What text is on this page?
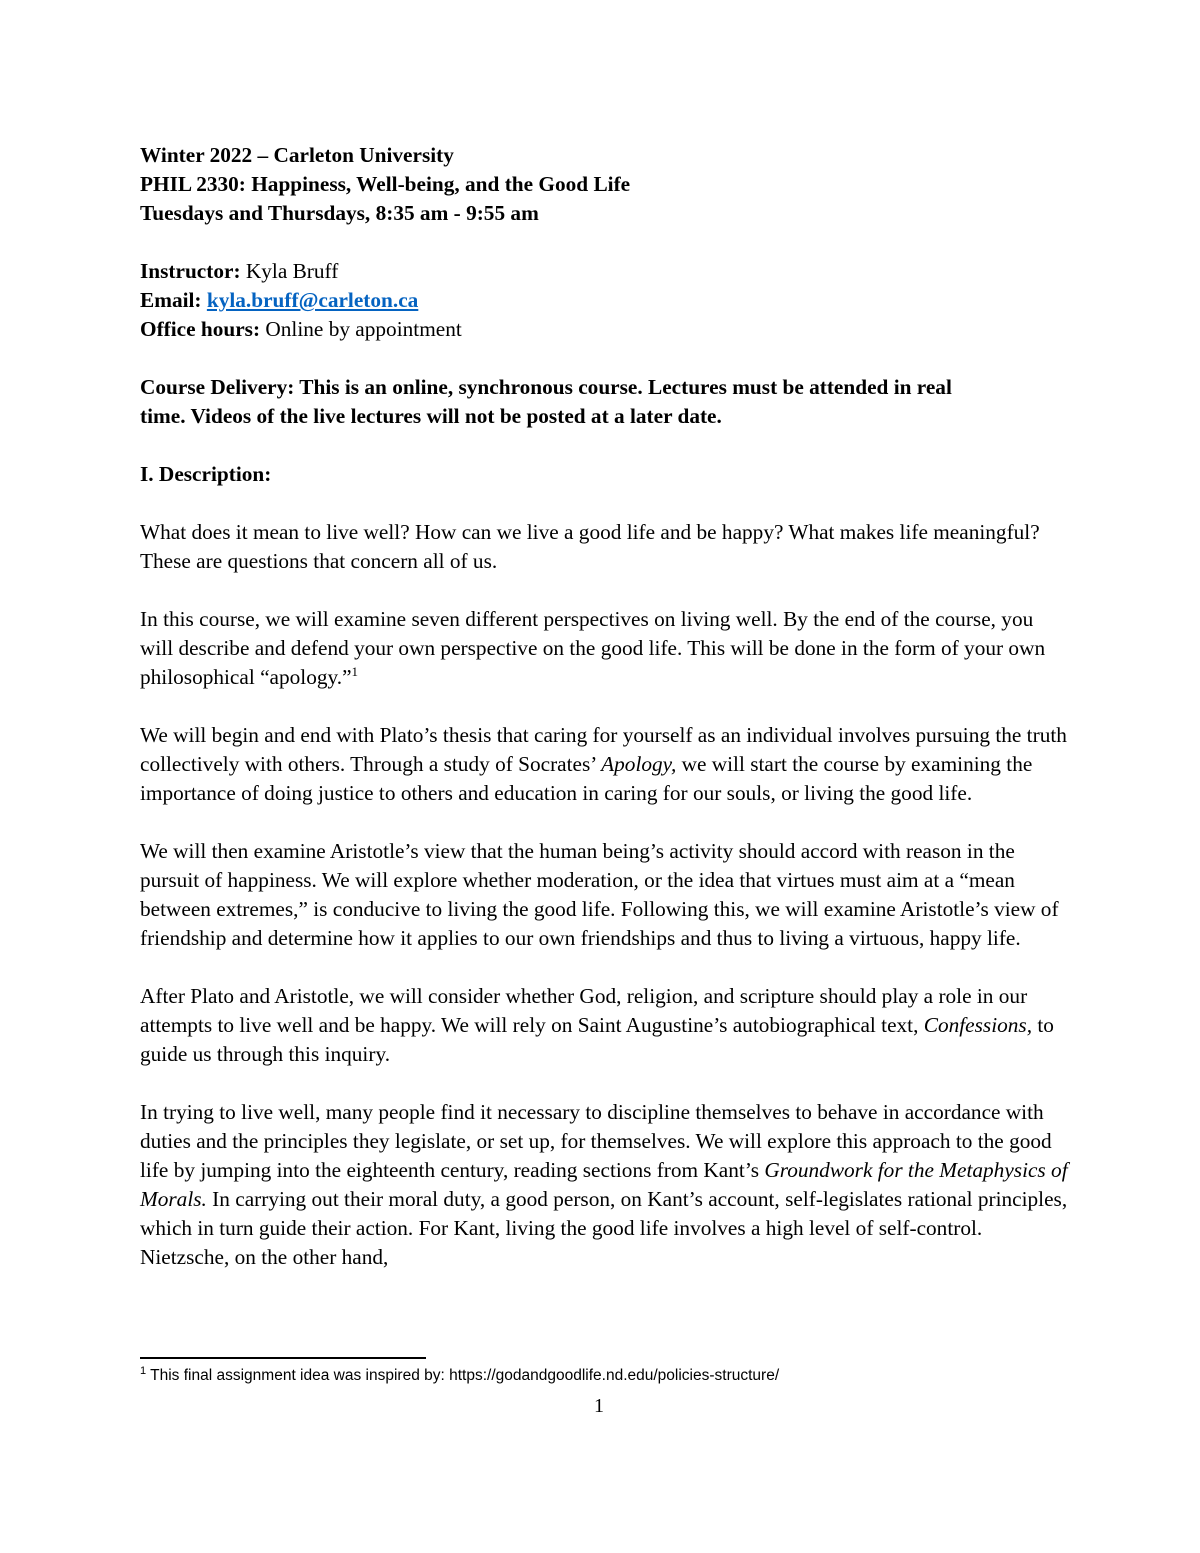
Winter 2022 – Carleton University
PHIL 2330: Happiness, Well-being, and the Good Life
Tuesdays and Thursdays, 8:35 am - 9:55 am
Instructor: Kyla Bruff
Email: kyla.bruff@carleton.ca
Office hours: Online by appointment
Course Delivery: This is an online, synchronous course. Lectures must be attended in real
time. Videos of the live lectures will not be posted at a later date.
I. Description:

What does it mean to live well? How can we live a good life and be happy? What makes life meaningful? These are questions that concern all of us.

In this course, we will examine seven different perspectives on living well. By the end of the course, you will describe and defend your own perspective on the good life. This will be done in the form of your own philosophical “apology.”$^1$

We will begin and end with Plato’s thesis that caring for yourself as an individual involves pursuing the truth collectively with others. Through a study of Socrates’ Apology, we will start the course by examining the importance of doing justice to others and education in caring for our souls, or living the good life.

We will then examine Aristotle’s view that the human being’s activity should accord with reason in the pursuit of happiness. We will explore whether moderation, or the idea that virtues must aim at a “mean between extremes,” is conducive to living the good life. Following this, we will examine Aristotle’s view of friendship and determine how it applies to our own friendships and thus to living a virtuous, happy life.

After Plato and Aristotle, we will consider whether God, religion, and scripture should play a role in our attempts to live well and be happy. We will rely on Saint Augustine’s autobiographical text, Confessions, to guide us through this inquiry.

In trying to live well, many people find it necessary to discipline themselves to behave in accordance with duties and the principles they legislate, or set up, for themselves. We will explore this approach to the good life by jumping into the eighteenth century, reading sections from Kant’s Groundwork for the Metaphysics of Morals. In carrying out their moral duty, a good person, on Kant’s account, self-legislates rational principles, which in turn guide their action. For Kant, living the good life involves a high level of self-control. Nietzsche, on the other hand,

$^1$ This final assignment idea was inspired by: https://godandgoodlife.nd.edu/policies-structure/
1
